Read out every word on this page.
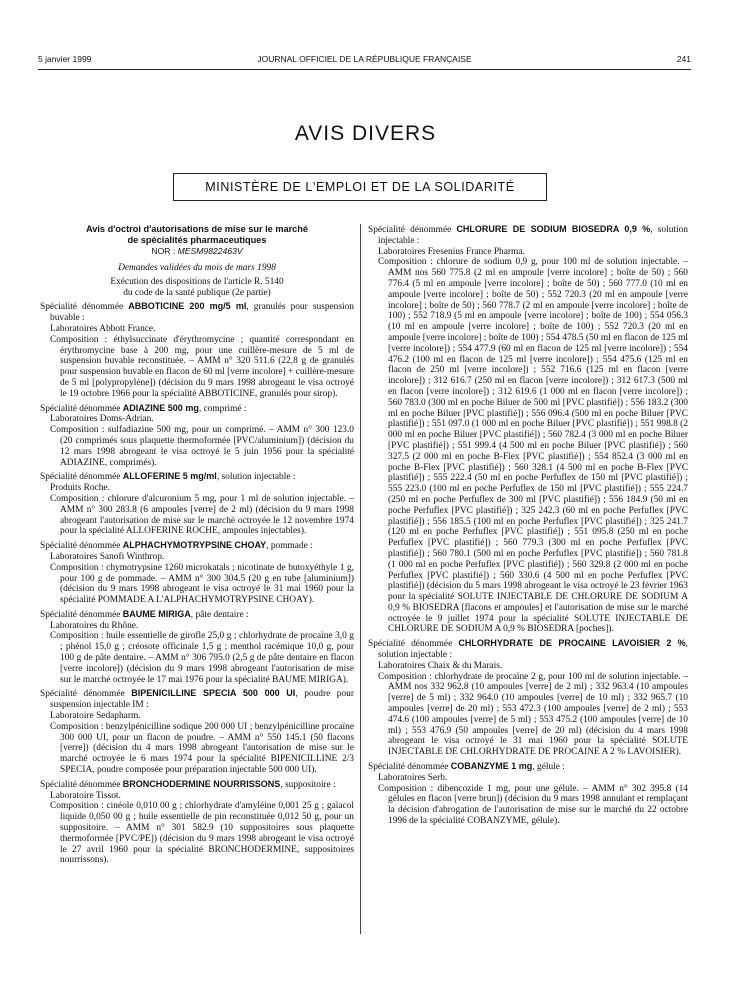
5 janvier 1999	JOURNAL OFFICIEL DE LA RÉPUBLIQUE FRANÇAISE	241
AVIS DIVERS
MINISTÈRE DE L'EMPLOI ET DE LA SOLIDARITÉ
Avis d'octroi d'autorisations de mise sur le marché
de spécialités pharmaceutiques
NOR : MESM9822463V
Demandes validées du mois de mars 1998
Exécution des dispositions de l'article R. 5140
du code de la santé publique (2e partie)

Spécialité dénommée ABBOTICINE 200 mg/5 ml, granulés pour suspension buvable :

Laboratoires Abbott France.

Composition : éthylsuccinate d'érythromycine ; quantité correspondant en érythromycine base à 200 mg, pour une cuillère-mesure de 5 ml de suspension buvable reconstituée. – AMM n° 320 511.6 (22,8 g de granulés pour suspension buvable en flacon de 60 ml [verre incolore] + cuillère-mesure de 5 ml [polypropylène]) (décision du 9 mars 1998 abrogeant le visa octroyé le 19 octobre 1966 pour la spécialité ABBOTICINE, granulés pour sirop).

Spécialité dénommée ADIAZINE 500 mg, comprimé :

Laboratoires Doms-Adrian.

Composition : sulfadiazine 500 mg, pour un comprimé. – AMM n° 300 123.0 (20 comprimés sous plaquette thermoformée [PVC/aluminium]) (décision du 12 mars 1998 abrogeant le visa octroyé le 5 juin 1956 pour la spécialité ADIAZINE, comprimés).

Spécialité dénommée ALLOFERINE 5 mg/ml, solution injectable :

Produits Roche.

Composition : chlorure d'alcuronium 5 mg, pour 1 ml de solution injectable. – AMM n° 300 283.8 (6 ampoules [verre] de 2 ml) (décision du 9 mars 1998 abrogeant l'autorisation de mise sur le marché octroyée le 12 novembre 1974 pour la spécialité ALLOFERINE ROCHE, ampoules injectables).

Spécialité dénommée ALPHACHYMOTRYPSINE CHOAY, pommade :

Laboratoires Sanofi Winthrop.

Composition : chymotrypsine 1260 microkatals ; nicotinate de butoxyéthyle 1 g, pour 100 g de pommade. – AMM n° 300 304.5 (20 g en tube [aluminium]) (décision du 9 mars 1998 abrogeant le visa octroyé le 31 mai 1960 pour la spécialité POMMADE A L'ALPHACHYMOTRYPSINE CHOAY).

Spécialité dénommée BAUME MIRIGA, pâte dentaire :

Laboratoires du Rhône.

Composition : huile essentielle de girofle 25,0 g ; chlorhydrate de procaïne 3,0 g ; phénol 15,0 g ; créosote officinale 1,5 g ; menthol racémique 10,0 g, pour 100 g de pâte dentaire. – AMM n° 306 795.0 (2,5 g de pâte dentaire en flacon [verre incolore]) (décision du 9 mars 1998 abrogeant l'autorisation de mise sur le marché octroyée le 17 mai 1976 pour la spécialité BAUME MIRIGA).

Spécialité dénommée BIPENICILLINE SPECIA 500 000 UI, poudre pour suspension injectable IM :

Laboratoire Sedapharm.

Composition : benzylpénicilline sodique 200 000 UI ; benzylpénicilline procaïne 300 000 UI, pour un flacon de poudre. – AMM n° 550 145.1 (50 flacons [verre]) (décision du 4 mars 1998 abrogeant l'autorisation de mise sur le marché octroyée le 6 mars 1974 pour la spécialité BIPENICILLINE 2/3 SPECIA, poudre composée pour préparation injectable 500 000 UI).

Spécialité dénommée BRONCHODERMINE NOURRISSONS, suppositoire :

Laboratoire Tissot.

Composition : cinéole 0,010 00 g ; chlorhydrate d'amyléine 0,001 25 g ; gaïacol liquide 0,050 00 g ; huile essentielle de pin reconstituée 0,012 50 g, pour un suppositoire. – AMM n° 301 582.9 (10 suppositoires sous plaquette thermoformée [PVC/PE]) (décision du 9 mars 1998 abrogeant le visa octroyé le 27 avril 1960 pour la spécialité BRONCHODERMINE, suppositoires nourrissons).

Spécialité dénommée CHLORURE DE SODIUM BIOSEDRA 0,9 %, solution injectable :

Laboratoires Fresenius France Pharma.

Composition : chlorure de sodium 0,9 g, pour 100 ml de solution injectable. – AMM nos 560 775.8 (2 ml en ampoule [verre incolore] ; boîte de 50) ; 560 776.4 (5 ml en ampoule [verre incolore] ; boîte de 50) ; 560 777.0 (10 ml en ampoule [verre incolore] ; boîte de 50) ; 552 720.3 (20 ml en ampoule [verre incolore] ; boîte de 50) ; 560 778.7 (2 ml en ampoule [verre incolore] ; boîte de 100) ; 552 718.9 (5 ml en ampoule [verre incolore] ; boîte de 100) ; 554 056.3 (10 ml en ampoule [verre incolore] ; boîte de 100) ; 552 720.3 (20 ml en ampoule [verre incolore] ; boîte de 100) ; 554 478.5 (50 ml en flacon de 125 ml [verre incolore]) ; 554 477.9 (60 ml en flacon de 125 ml [verre incolore]) ; 554 476.2 (100 ml en flacon de 125 ml [verre incolore]) ; 554 475.6 (125 ml en flacon de 250 ml [verre incolore]) ; 552 716.6 (125 ml en flacon [verre incolore]) ; 312 616.7 (250 ml en flacon [verre incolore]) ; 312 617.3 (500 ml en flacon [verre incolore]) ; 312 619.6 (1 000 ml en flacon [verre incolore]) ; 560 783.0 (300 ml en poche Biluer de 500 ml [PVC plastifié]) ; 556 183.2 (300 ml en poche Biluer [PVC plastifié]) ; 556 096.4 (500 ml en poche Biluer [PVC plastifié]) ; 551 097.0 (1 000 ml en poche Biluer [PVC plastifié]) ; 551 998.8 (2 000 ml en poche Biluer [PVC plastifié]) ; 560 782.4 (3 000 ml en poche Biluer [PVC plastifié]) ; 551 999.4 (4 500 ml en poche Biluer [PVC plastifié]) ; 560 327.5 (2 000 ml en poche B-Flex [PVC plastifié]) ; 554 852.4 (3 000 ml en poche B-Flex [PVC plastifié]) ; 560 328.1 (4 500 ml en poche B-Flex [PVC plastifié]) ; 555 222.4 (50 ml en poche Perfuflex de 150 ml [PVC plastifié]) ; 555 223.0 (100 ml en poche Perfuflex de 150 ml [PVC plastifié]) ; 555 224.7 (250 ml en poche Perfuflex de 300 ml [PVC plastifié]) ; 556 184.9 (50 ml en poche Perfuflex [PVC plastifié]) ; 325 242.3 (60 ml en poche Perfuflex [PVC plastifié]) ; 556 185.5 (100 ml en poche Perfuflex [PVC plastifié]) ; 325 241.7 (120 ml en poche Perfuflex [PVC plastifié]) ; 551 095.8 (250 ml en poche Perfuflex [PVC plastifié]) ; 560 779.3 (300 ml en poche Perfuflex [PVC plastifié]) ; 560 780.1 (500 ml en poche Perfuflex [PVC plastifié]) ; 560 781.8 (1 000 ml en poche Perfuflex [PVC plastifié]) ; 560 329.8 (2 000 ml en poche Perfuflex [PVC plastifié]) ; 560 330.6 (4 500 ml en poche Perfuflex [PVC plastifié]) (décision du 5 mars 1998 abrogeant le visa octroyé le 23 février 1963 pour la spécialité SOLUTE INJECTABLE DE CHLORURE DE SODIUM A 0,9 % BIOSEDRA [flacons et ampoules] et l'autorisation de mise sur le marché octroyée le 9 juillet 1974 pour la spécialité SOLUTE INJECTABLE DE CHLORURE DE SODIUM A 0,9 % BIOSEDRA [poches]).

Spécialité dénommée CHLORHYDRATE DE PROCAINE LAVOISIER 2 %, solution injectable :

Laboratoires Chaix & du Marais.

Composition : chlorhydrate de procaïne 2 g, pour 100 ml de solution injectable. – AMM nos 332 962.8 (10 ampoules [verre] de 2 ml) ; 332 963.4 (10 ampoules [verre] de 5 ml) ; 332 964.0 (10 ampoules [verre] de 10 ml) ; 332 965.7 (10 ampoules [verre] de 20 ml) ; 553 472.3 (100 ampoules [verre] de 2 ml) ; 553 474.6 (100 ampoules [verre] de 5 ml) ; 553 475.2 (100 ampoules [verre] de 10 ml) ; 553 476.9 (50 ampoules [verre] de 20 ml) (décision du 4 mars 1998 abrogeant le visa octroyé le 31 mai 1960 pour la spécialité SOLUTE INJECTABLE DE CHLORHYDRATE DE PROCAINE A 2 % LAVOISIER).

Spécialité dénommée COBANZYME 1 mg, gélule :

Laboratoires Serb.

Composition : dibencozide 1 mg, pour une gélule. – AMM n° 302 395.8 (14 gélules en flacon [verre brun]) (décision du 9 mars 1998 annulant et remplaçant la décision d'abrogation de l'autorisation de mise sur le marché du 22 octobre 1996 de la spécialité COBANZYME, gélule).
